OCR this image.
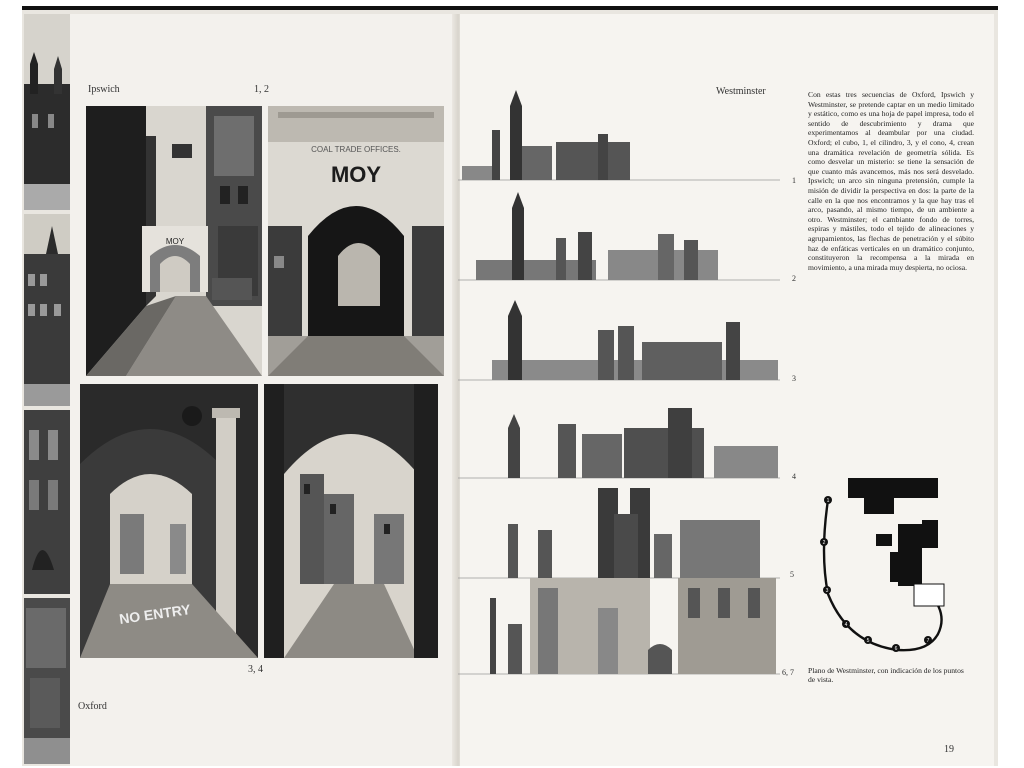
Ipswich	1, 2
MOY
COAL TRADE OFFICES.
MOY
NO ENTRY
3, 4
Oxford
Westminster
1
2
3
4
5
6, 7
Con estas tres secuencias de Oxford, Ipswich y Westminster, se pretende captar en un medio limitado y estático, como es una hoja de papel impresa, todo el sentido de descubrimiento y drama que experimentamos al deambular por una ciudad. Oxford; el cubo, 1, el cilindro, 3, y el cono, 4, crean una dramática revelación de geometría sólida. Es como desvelar un misterio: se tiene la sensación de que cuanto más avancemos, más nos será desvelado. Ipswich; un arco sin ninguna pretensión, cumple la misión de dividir la perspectiva en dos: la parte de la calle en la que nos encontramos y la que hay tras el arco, pasando, al mismo tiempo, de un ambiente a otro. Westminster; el cambiante fondo de torres, espiras y mástiles, todo el tejido de alineaciones y agrupamientos, las flechas de penetración y el súbito haz de enfáticas verticales en un dramático conjunto, constituyeron la recompensa a la mirada en movimiento, a una mirada muy despierta, no ociosa.
1
2
3
4
5
6
7
Plano de Westminster, con indicación de los puntos de vista.
19
